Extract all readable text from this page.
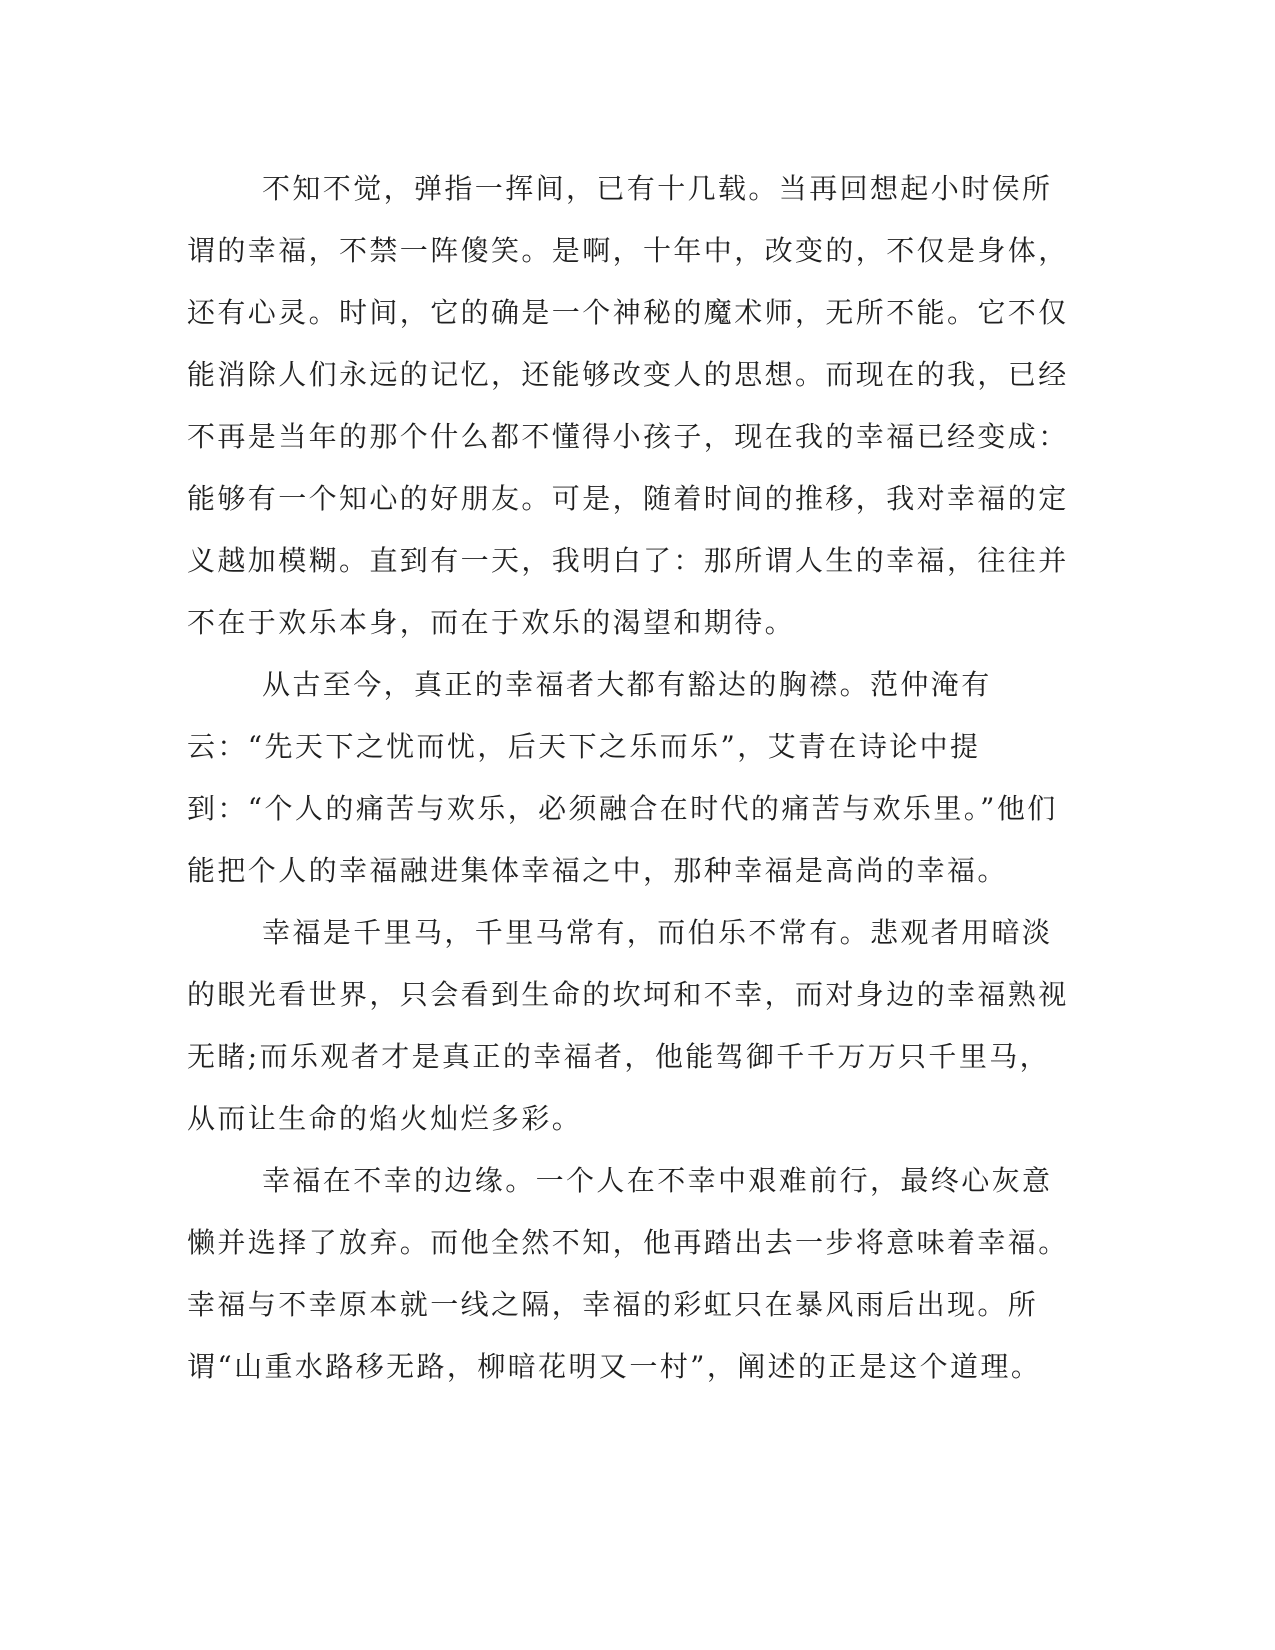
不知不觉，弹指一挥间，已有十几载。当再回想起小时侯所谓的幸福，不禁一阵傻笑。是啊，十年中，改变的，不仅是身体，还有心灵。时间，它的确是一个神秘的魔术师，无所不能。它不仅能消除人们永远的记忆，还能够改变人的思想。而现在的我，已经不再是当年的那个什么都不懂得小孩子，现在我的幸福已经变成：能够有一个知心的好朋友。可是，随着时间的推移，我对幸福的定义越加模糊。直到有一天，我明白了：那所谓人生的幸福，往往并不在于欢乐本身，而在于欢乐的渴望和期待。

从古至今，真正的幸福者大都有豁达的胸襟。范仲淹有云：“先天下之忧而忧，后天下之乐而乐”，艾青在诗论中提到：“个人的痛苦与欢乐，必须融合在时代的痛苦与欢乐里。”他们能把个人的幸福融进集体幸福之中，那种幸福是高尚的幸福。

幸福是千里马，千里马常有，而伯乐不常有。悲观者用暗淡的眼光看世界，只会看到生命的坎坷和不幸，而对身边的幸福熟视无睹;而乐观者才是真正的幸福者，他能驾御千千万万只千里马，从而让生命的焰火灿烂多彩。

幸福在不幸的边缘。一个人在不幸中艰难前行，最终心灰意懒并选择了放弃。而他全然不知，他再踏出去一步将意味着幸福。幸福与不幸原本就一线之隔，幸福的彩虹只在暴风雨后出现。所谓“山重水路移无路，柳暗花明又一村”，阐述的正是这个道理。
